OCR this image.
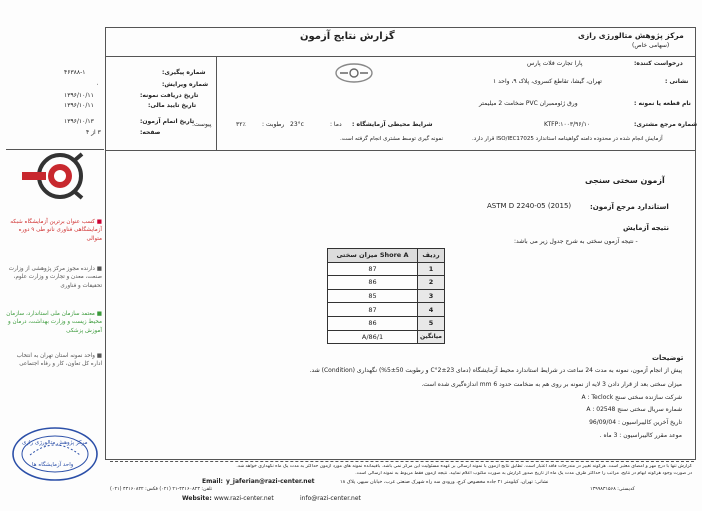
گزارش نتایج آزمون	مرکز پژوهش متالورژی رازی
(سهامی خاص)
شماره پیگیری:
۴۶۳۸۸-۱
شماره ویرایش:
۰
تاریخ دریافت نمونه:
۱۳۹۶/۱۰/۱۱
تاریخ تایید مالی:
۱۳۹۶/۱۰/۱۱
تاریخ اتمام آزمون:
۱۳۹۶/۱۰/۱۳
صفحه:
۳ از ۴
درخواست کننده:
پارا تجارت فلات پارس
نشانی :
تهران، گیشا، تقاطع کسروی، پلاک ۹، واحد ۱
نام قطعه یا نمونه :
ورق ژئوممبران PVC ضخامت 2 میلیمتر
شماره مرجع مشتری:
KTFP:۱۰۰۳/۹۶/۱۰
شرایط محیطی آزمایشگاه :
دما :
23°c
رطوبت :
۳۲٪
پیوست:
آزمایش انجام شده در محدوده دامنه گواهینامه استاندارد ISO/IEC17025 قرار دارد.
نمونه گیری توسط مشتری انجام گرفته است.
■ کسب عنوان برترین آزمایشگاه شبکه آزمایشگاهی فناوری نانو طی ۹ دوره متوالی
■ دارنده مجوز مرکز پژوهشی از وزارت صنعت، معدن و تجارت و وزارت علوم، تحقیقات و فناوری
■ معتمد سازمان ملی استاندارد، سازمان محیط زیست و وزارت بهداشت، درمان و آموزش پزشکی
■ واحد نمونه استان تهران به انتخاب اداره کل تعاون، کار و رفاه اجتماعی
مرکز پژوهش متالورژی رازی
واحد آزمایشگاه ها
آزمون سختی سنجی
استاندارد مرجع آزمون:
ASTM D 2240-05 (2015)
نتیجه آزمایش
- نتیجه آزمون سختی به شرح جدول زیر می باشد:
میزان سختی Shore A	ردیف
87	1
86	2
85	3
87	4
86	5
A/86/1	میانگین
توضیحات
پیش از انجام آزمون، نمونه به مدت 24 ساعت در شرایط استاندارد محیط آزمایشگاه (دمای 23±2°C و رطوبت 50±5%) نگهداری (Condition) شد.
میزان سختی بعد از قرار دادن 3 لایه از نمونه بر روی هم به ضخامت حدود 6 mm اندازه‌گیری شده است.
شرکت سازنده سختی سنج A : Teclock
شماره سریال سختی سنج A : 02548
تاریخ آخرین کالیبراسیون : 96/09/04
موعد مقرر کالیبراسیون : 3 ماه .
گزارش تنها با درج مهر و امضای معتبر است. هرگونه تغییر در مندرجات فاقد اعتبار است. تطابق نتایج آزمون با نمونه ارسالی بر عهده مسئولیت این مرکز نمی باشد. باقیمانده نمونه های مورد آزمون حداکثر به مدت یک ماه نگهداری خواهد شد.
در صورت وجود هرگونه ابهام در نتایج، مراتب را حداکثر ظرف مدت یک ماه از تاریخ صدور گزارش به صورت مکتوب اعلام نمایید. نتیجه آزمون فقط مربوط به نمونه ارسالی است.
Email: y_jaferian@razi-center.net	نشانی: تهران، کیلومتر ۲۱ جاده مخصوص کرج، ورودی سه راه شهرک صنعتی غرب، خیابان سپهر، پلاک ۱۸
تلفن: ۴۴۱۶۰۸۲۳-۲۱ (۰۲۱) فکس: ۴۴۱۶۰۸۲۲ (۰۲۱)	کدپستی: ۱۳۹۹۸۳۱۵۶۸
Website: www.razi-center.net	info@razi-center.net
